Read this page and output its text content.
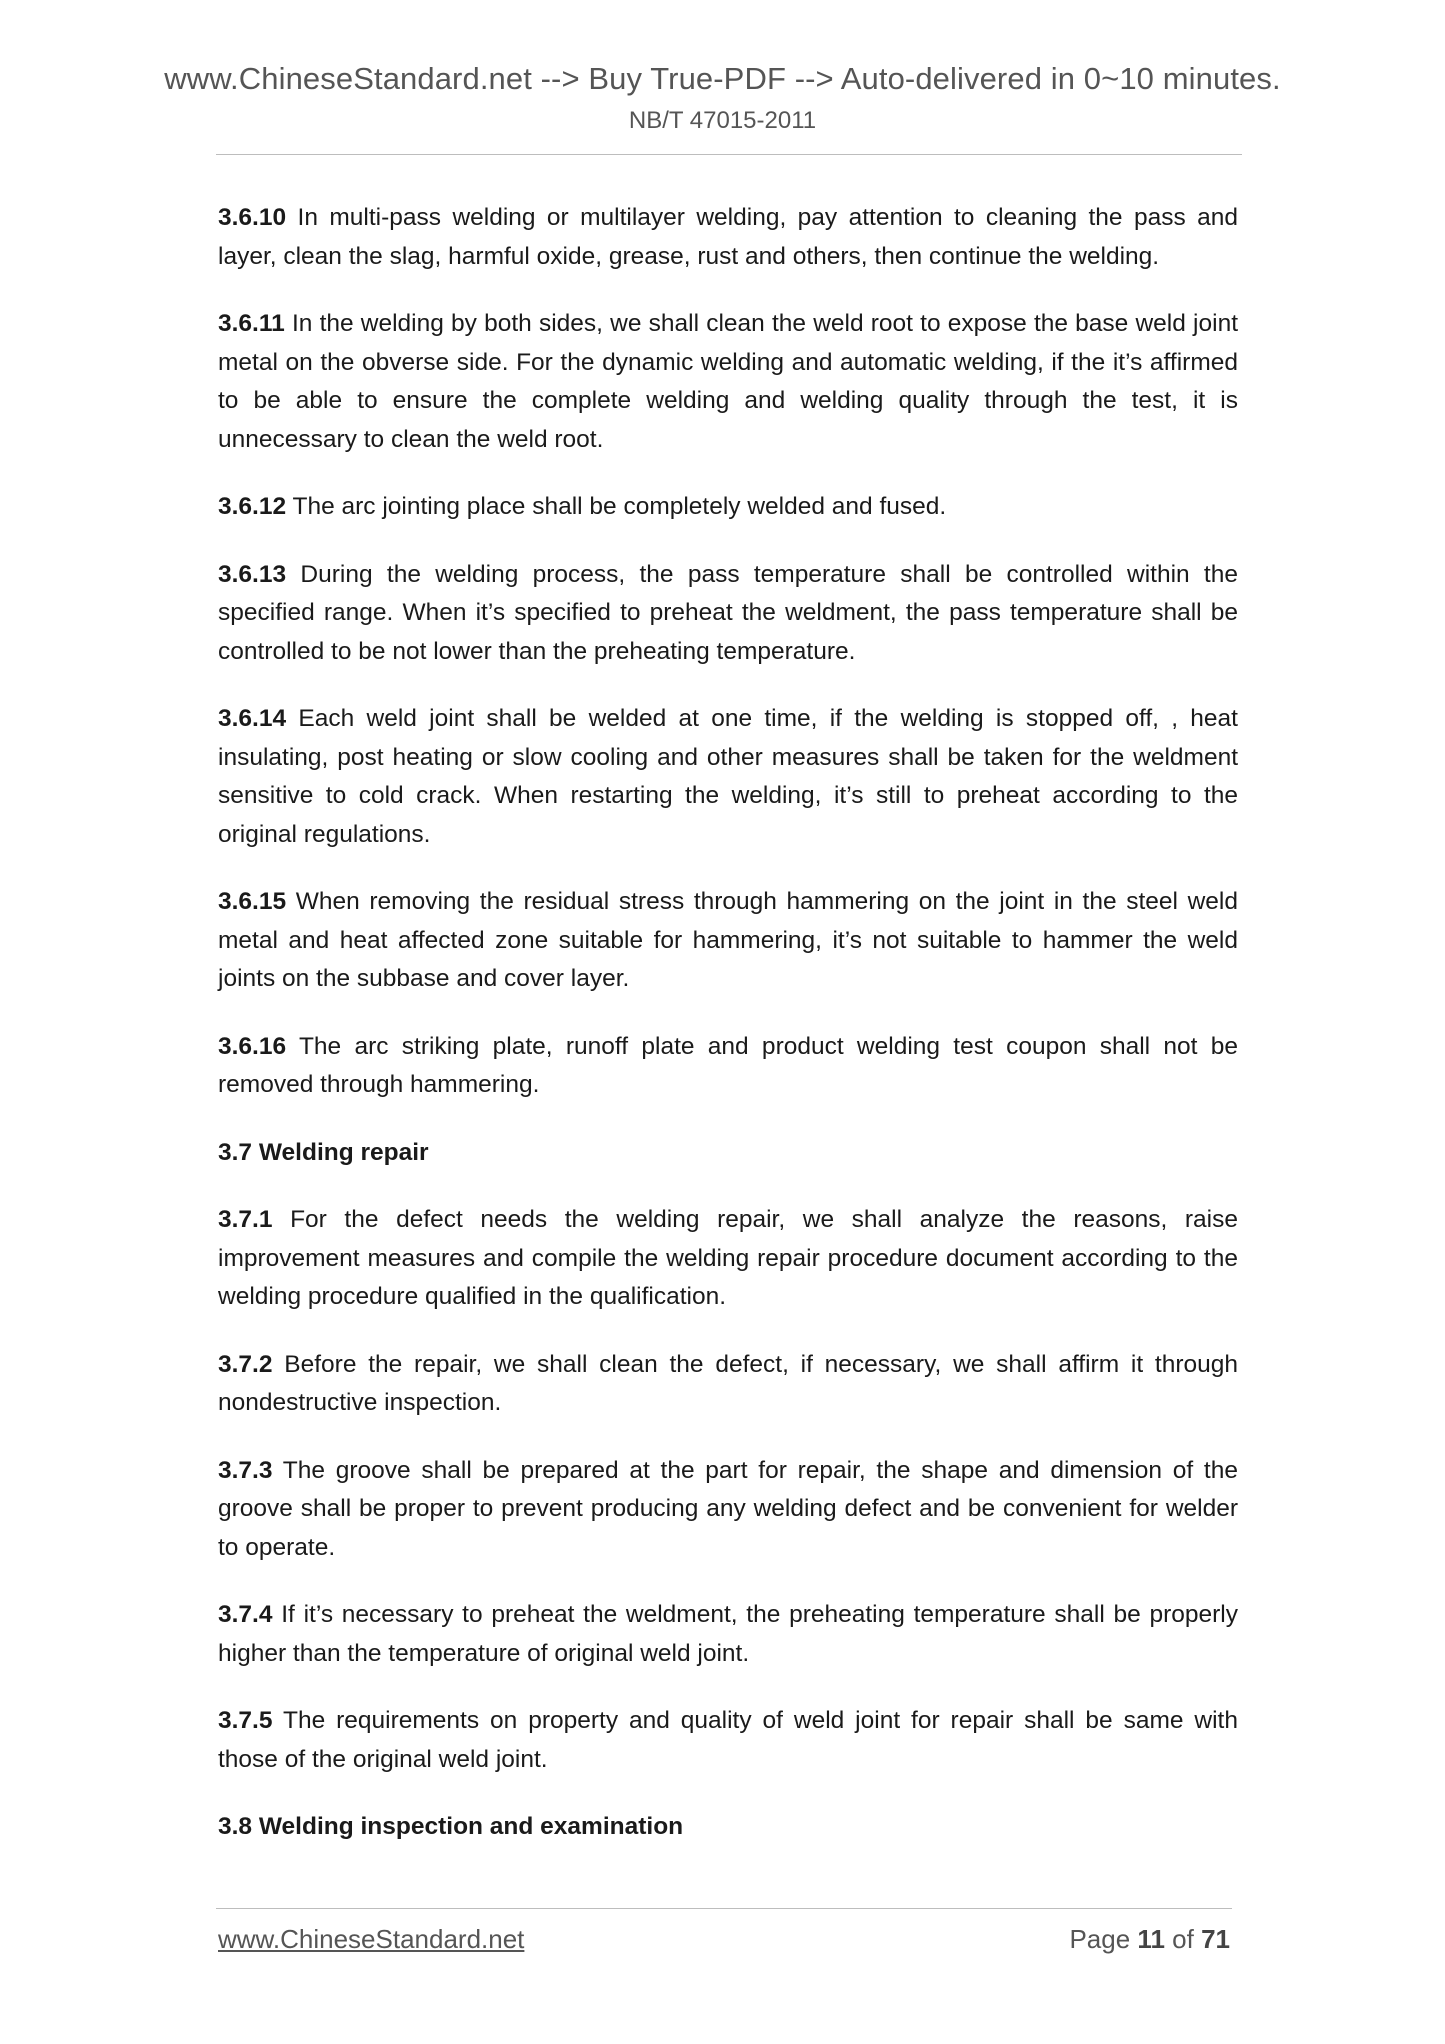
www.ChineseStandard.net --> Buy True-PDF --> Auto-delivered in 0~10 minutes.
NB/T 47015-2011
3.6.10 In multi-pass welding or multilayer welding, pay attention to cleaning the pass and layer, clean the slag, harmful oxide, grease, rust and others, then continue the welding.
3.6.11 In the welding by both sides, we shall clean the weld root to expose the base weld joint metal on the obverse side. For the dynamic welding and automatic welding, if the it’s affirmed to be able to ensure the complete welding and welding quality through the test, it is unnecessary to clean the weld root.
3.6.12 The arc jointing place shall be completely welded and fused.
3.6.13 During the welding process, the pass temperature shall be controlled within the specified range. When it’s specified to preheat the weldment, the pass temperature shall be controlled to be not lower than the preheating temperature.
3.6.14 Each weld joint shall be welded at one time, if the welding is stopped off, , heat insulating, post heating or slow cooling and other measures shall be taken for the weldment sensitive to cold crack. When restarting the welding, it’s still to preheat according to the original regulations.
3.6.15 When removing the residual stress through hammering on the joint in the steel weld metal and heat affected zone suitable for hammering, it’s not suitable to hammer the weld joints on the subbase and cover layer.
3.6.16 The arc striking plate, runoff plate and product welding test coupon shall not be removed through hammering.
3.7 Welding repair
3.7.1 For the defect needs the welding repair, we shall analyze the reasons, raise improvement measures and compile the welding repair procedure document according to the welding procedure qualified in the qualification.
3.7.2 Before the repair, we shall clean the defect, if necessary, we shall affirm it through nondestructive inspection.
3.7.3 The groove shall be prepared at the part for repair, the shape and dimension of the groove shall be proper to prevent producing any welding defect and be convenient for welder to operate.
3.7.4 If it’s necessary to preheat the weldment, the preheating temperature shall be properly higher than the temperature of original weld joint.
3.7.5 The requirements on property and quality of weld joint for repair shall be same with those of the original weld joint.
3.8 Welding inspection and examination
www.ChineseStandard.net	Page 11 of 71
